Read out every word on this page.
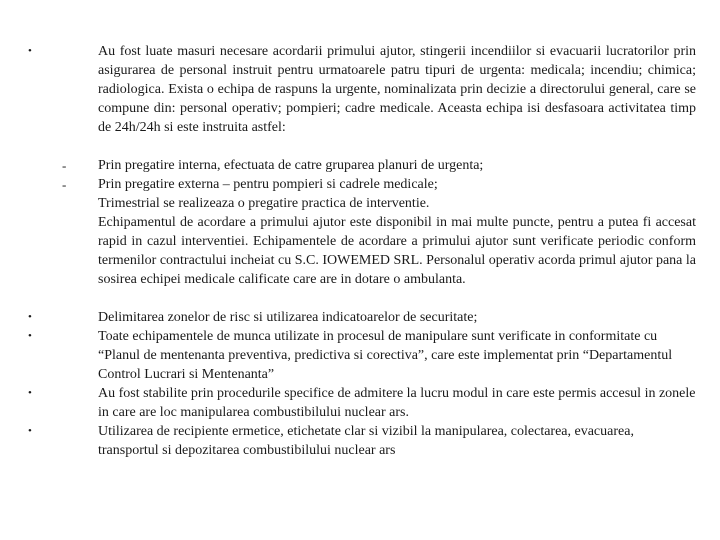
•	Au fost luate masuri necesare acordarii primului ajutor, stingerii incendiilor si evacuarii lucratorilor prin asigurarea de personal instruit pentru urmatoarele patru tipuri de urgenta: medicala; incendiu; chimica; radiologica. Exista o echipa de raspuns la urgente, nominalizata prin decizie a directorului general, care se compune din: personal operativ; pompieri; cadre medicale. Aceasta echipa isi desfasoara activitatea timp de 24h/24h si este instruita astfel:
- Prin pregatire interna, efectuata de catre gruparea planuri de urgenta;
- Prin pregatire externa – pentru pompieri si cadrele medicale;
Trimestrial se realizeaza o pregatire practica de interventie.
Echipamentul de acordare a primului ajutor este disponibil in mai multe puncte, pentru a putea fi accesat rapid in cazul interventiei. Echipamentele de acordare a primului ajutor sunt verificate periodic conform termenilor contractului incheiat cu S.C. IOWEMED SRL. Personalul operativ acorda primul ajutor pana la sosirea echipei medicale calificate care are in dotare o ambulanta.
•	Delimitarea zonelor de risc si utilizarea indicatoarelor de securitate;
•	Toate echipamentele de munca utilizate in procesul de manipulare sunt verificate in conformitate cu “Planul de mentenanta preventiva, predictiva si corectiva”, care este implementat prin “Departamentul Control Lucrari si Mentenanta”
•	Au fost stabilite prin procedurile specifice de admitere la lucru modul in care este permis accesul in zonele in care are loc manipularea combustibilului nuclear ars.
•	Utilizarea de recipiente ermetice, etichetate clar si vizibil la manipularea, colectarea, evacuarea, transportul si depozitarea combustibilului nuclear ars
